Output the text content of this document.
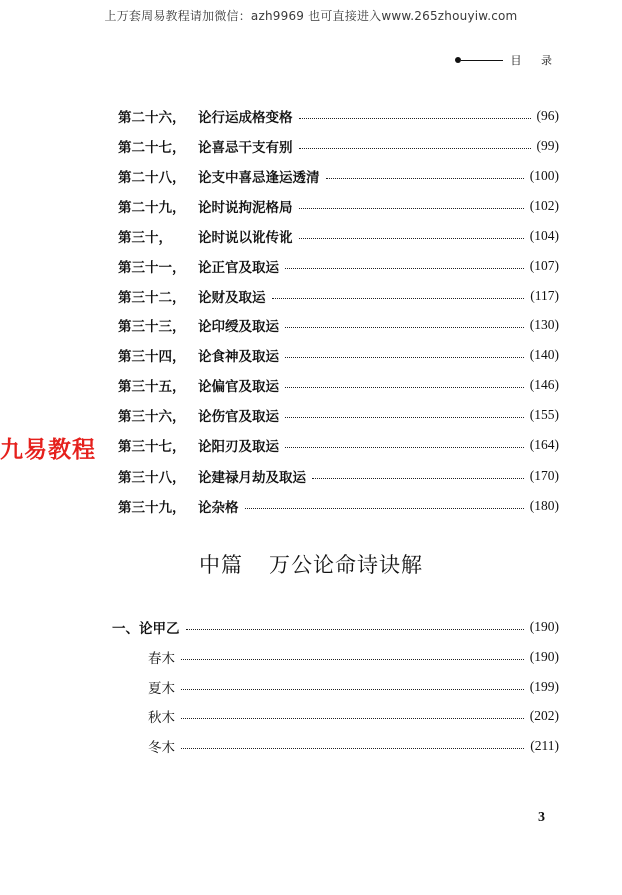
上万套周易教程请加微信：azh9969 也可直接进入www.265zhouyiw.com
目 录
第二十六， 论行运成格变格	(96)
第二十七， 论喜忌干支有别	(99)
第二十八， 论支中喜忌逢运透清	(100)
第二十九， 论时说拘泥格局	(102)
第三十，	论时说以讹传讹	(104)
第三十一， 论正官及取运	(107)
第三十二， 论财及取运	(117)
第三十三， 论印绶及取运	(130)
第三十四， 论食神及取运	(140)
第三十五， 论偏官及取运	(146)
第三十六， 论伤官及取运	(155)
第三十七， 论阳刃及取运	(164)
第三十八， 论建禄月劫及取运	(170)
第三十九， 论杂格	(180)
九易教程
中篇 万公论命诗诀解
一、论甲乙	(190)
春木	(190)
夏木	(199)
秋木	(202)
冬木	(211)
3
